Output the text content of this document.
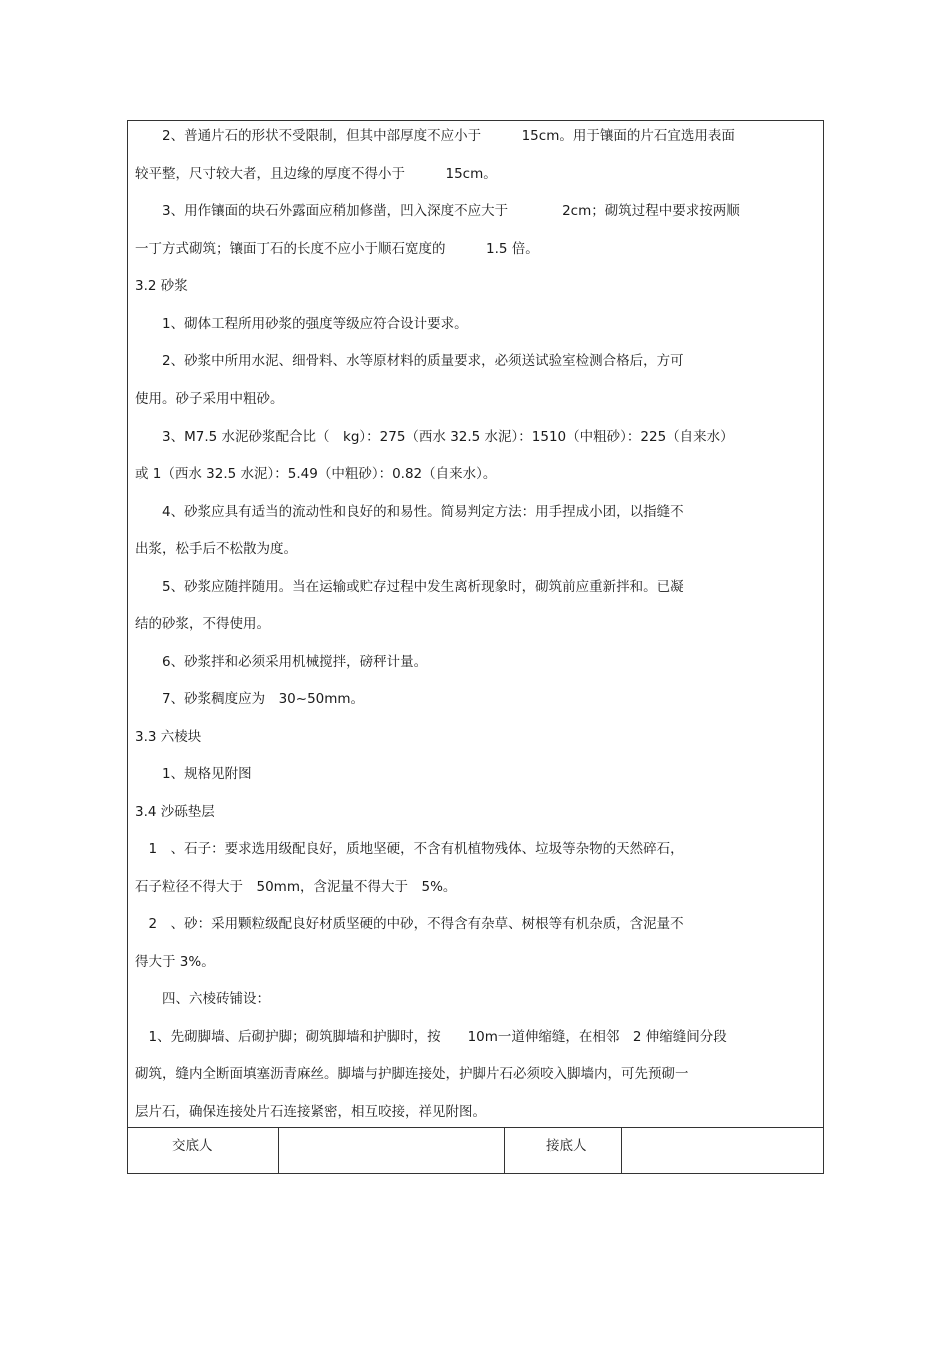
　　2、普通片石的形状不受限制，但其中部厚度不应小于　　　15cm。用于镶面的片石宜选用表面
较平整，尺寸较大者，且边缘的厚度不得小于　　　15cm。
　　3、用作镶面的块石外露面应稍加修凿，凹入深度不应大于　　　　2cm；砌筑过程中要求按两顺
一丁方式砌筑；镶面丁石的长度不应小于顺石宽度的　　　1.5 倍。
3.2 砂浆
　　1、砌体工程所用砂浆的强度等级应符合设计要求。
　　2、砂浆中所用水泥、细骨料、水等原材料的质量要求，必须送试验室检测合格后，方可
使用。砂子采用中粗砂。
　　3、M7.5 水泥砂浆配合比（　kg）：275（西水 32.5 水泥）：1510（中粗砂）：225（自来水）
或 1（西水 32.5 水泥）：5.49（中粗砂）：0.82（自来水）。
　　4、砂浆应具有适当的流动性和良好的和易性。简易判定方法：用手捏成小团，以指缝不
出浆，松手后不松散为度。
　　5、砂浆应随拌随用。当在运输或贮存过程中发生离析现象时，砌筑前应重新拌和。已凝
结的砂浆，不得使用。
　　6、砂浆拌和必须采用机械搅拌，磅秤计量。
　　7、砂浆稠度应为　30~50mm。
3.3 六棱块
　　1、规格见附图
3.4 沙砾垫层
　1　、石子：要求选用级配良好，质地坚硬，不含有机植物残体、垃圾等杂物的天然碎石，
石子粒径不得大于　50mm，含泥量不得大于　5%。
　2　、砂：采用颗粒级配良好材质坚硬的中砂，不得含有杂草、树根等有机杂质，含泥量不
得大于 3%。
　　四、六棱砖铺设：
　1、先砌脚墙、后砌护脚；砌筑脚墙和护脚时，按　　10m一道伸缩缝，在相邻　2 伸缩缝间分段
砌筑，缝内全断面填塞沥青麻丝。脚墙与护脚连接处，护脚片石必须咬入脚墙内，可先预砌一
层片石，确保连接处片石连接紧密，相互咬接，祥见附图。
交底人	接底人
